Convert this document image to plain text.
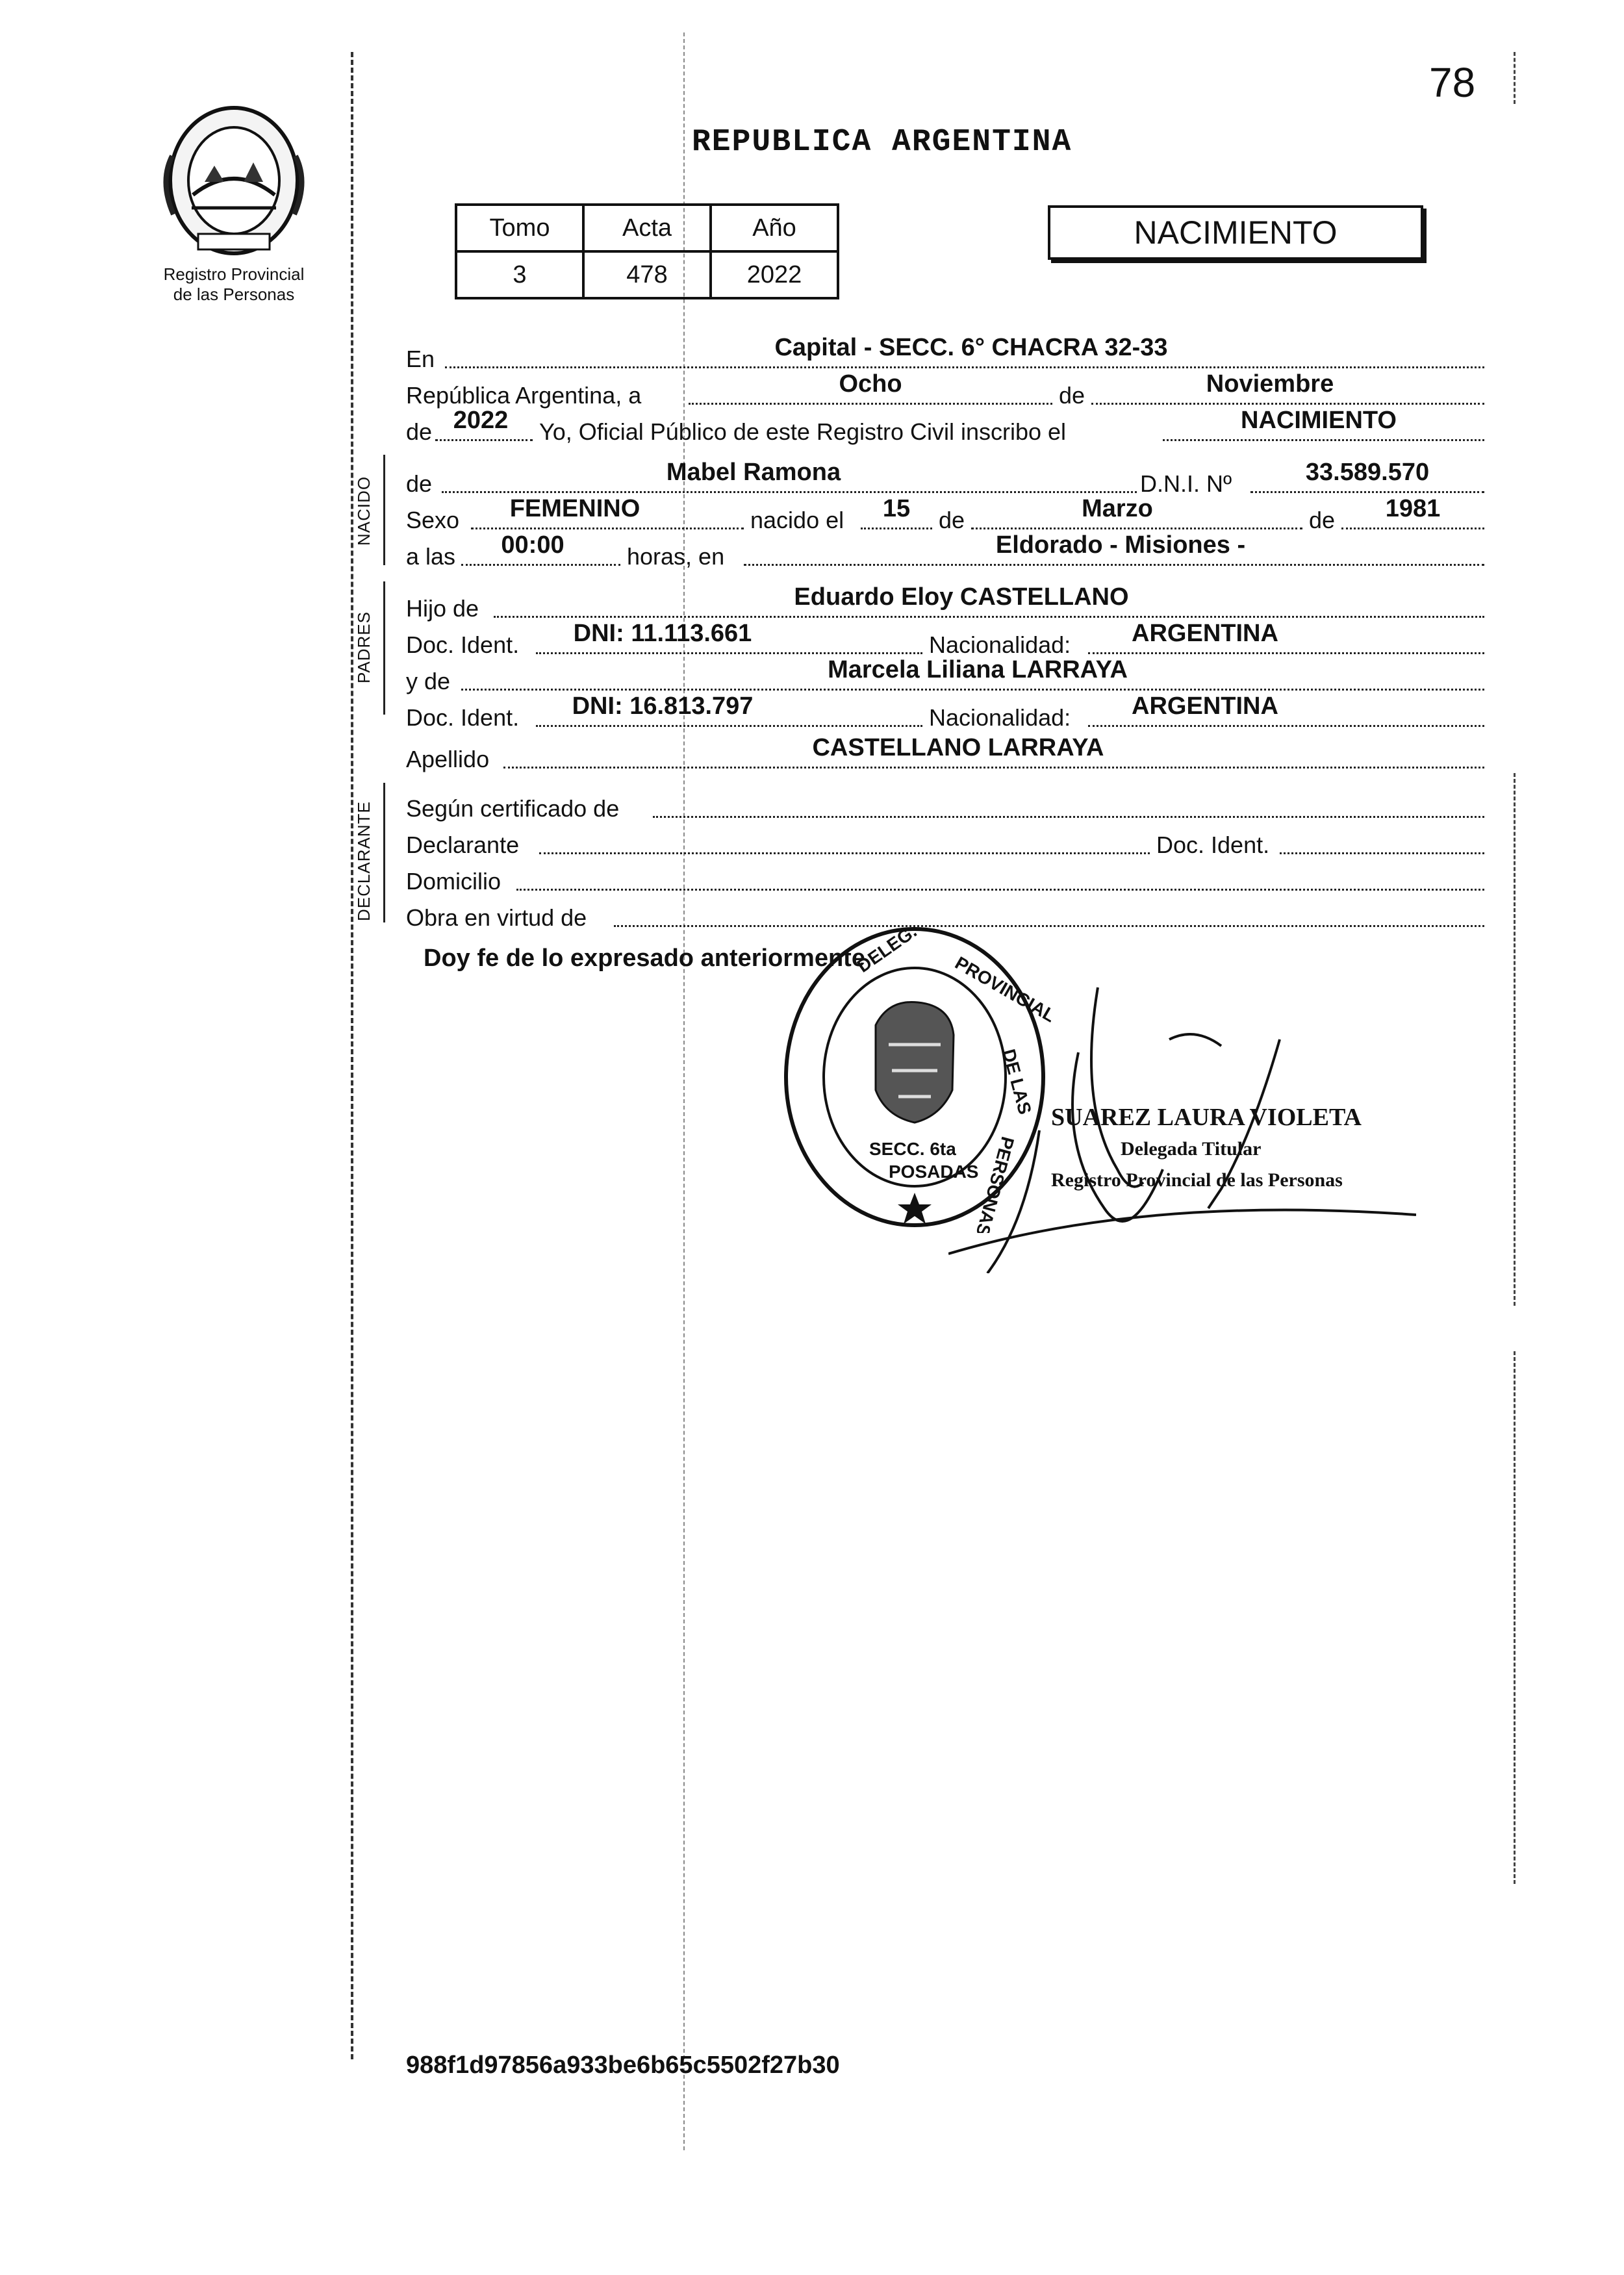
78
Registro Provincial
de las Personas
REPUBLICA ARGENTINA
Tomo	Acta	Año
3	478	2022
NACIMIENTO
NACIDO
PADRES
DECLARANTE
En	Capital - SECC. 6° CHACRA 32-33
República Argentina, a	Ocho	de	Noviembre
de 2022	Yo, Oficial Público de este Registro Civil inscribo el	NACIMIENTO
de	Mabel Ramona	D.N.I. Nº	33.589.570
Sexo	FEMENINO	nacido el	15	de	Marzo	de	1981
a las	00:00	horas, en	Eldorado - Misiones -
Hijo de	Eduardo Eloy CASTELLANO
Doc. Ident.	DNI: 11.113.661	Nacionalidad:	ARGENTINA
y de	Marcela Liliana LARRAYA
Doc. Ident.	DNI: 16.813.797	Nacionalidad:	ARGENTINA
Apellido	CASTELLANO LARRAYA
Según certificado de
Declarante	Doc. Ident.
Domicilio
Obra en virtud de
Doy fe de lo expresado anteriormente
DELEG.
PROVINCIAL
DE LAS
PERSONAS
SECC. 6ta
POSADAS
SUAREZ LAURA VIOLETA
Delegada Titular
Registro Provincial de las Personas
988f1d97856a933be6b65c5502f27b30
